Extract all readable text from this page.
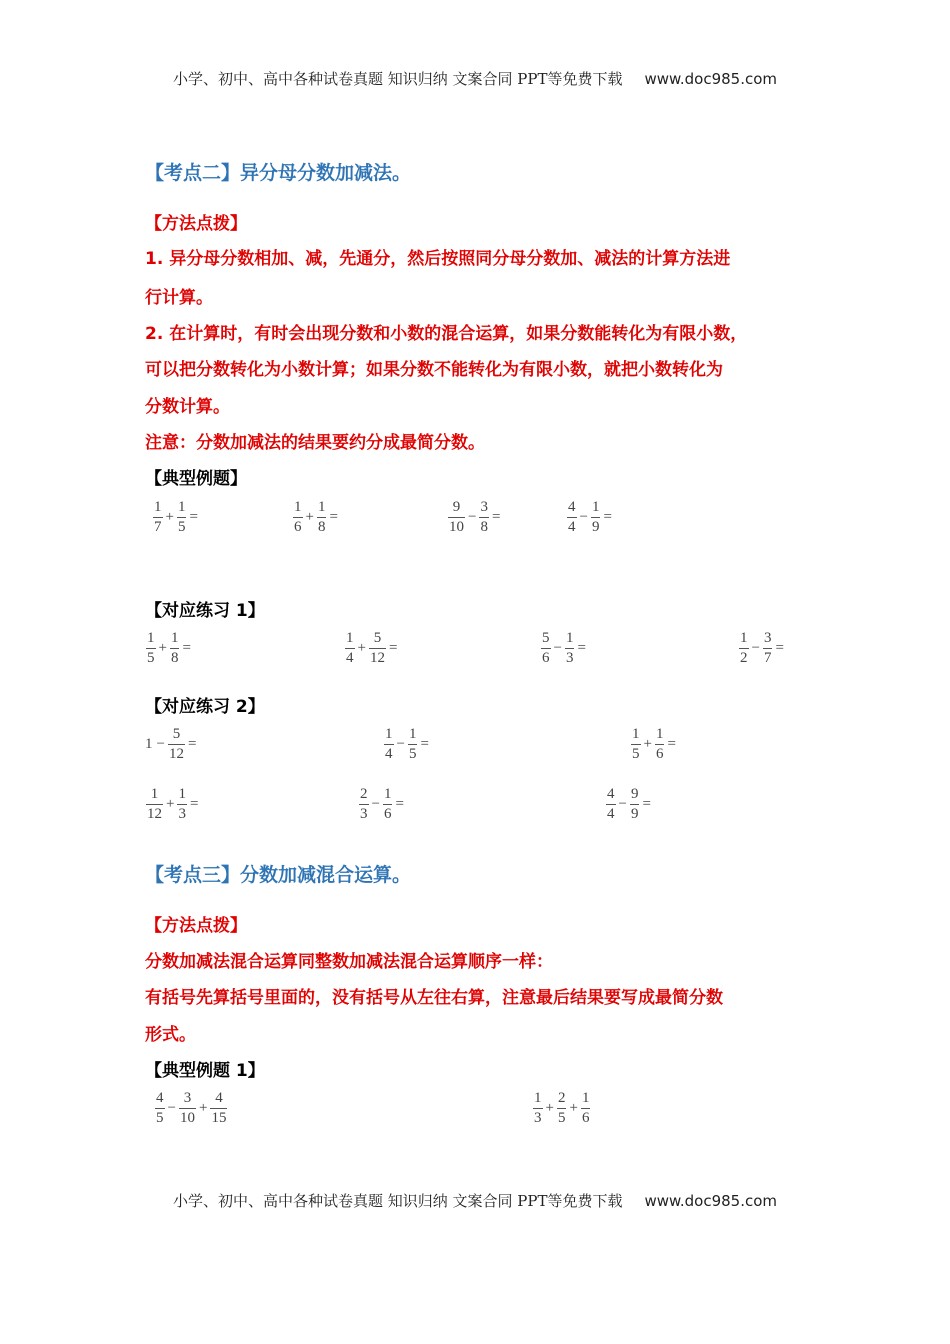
小学、初中、高中各种试卷真题 知识归纳 文案合同 PPT等免费下载 www.doc985.com
【考点二】异分母分数加减法。
【方法点拨】
1. 异分母分数相加、减，先通分，然后按照同分母分数加、减法的计算方法进
行计算。
2. 在计算时，有时会出现分数和小数的混合运算，如果分数能转化为有限小数，
可以把分数转化为小数计算；如果分数不能转化为有限小数，就把小数转化为
分数计算。
注意：分数加减法的结果要约分成最简分数。
【典型例题】
$\frac{1}{7} + \frac{1}{5}$ =	$\frac{1}{6} + \frac{1}{8}$ =	$\frac{9}{10} - \frac{3}{8}$ =	$\frac{4}{4} - \frac{1}{9}$ =
【对应练习 1】
$\frac{1}{5} + \frac{1}{8}$ =	$\frac{1}{4} + \frac{5}{12}$ =	$\frac{5}{6} - \frac{1}{3}$ =	$\frac{1}{2} - \frac{3}{7}$ =
【对应练习 2】
$1 - \frac{5}{12}$ =	$\frac{1}{4} - \frac{1}{5}$ =	$\frac{1}{5} + \frac{1}{6}$ =
$\frac{1}{12} + \frac{1}{3}$ =	$\frac{2}{3} - \frac{1}{6}$ =	$\frac{4}{4} - \frac{9}{9}$ =
【考点三】分数加减混合运算。
【方法点拨】
分数加减法混合运算同整数加减法混合运算顺序一样：
有括号先算括号里面的，没有括号从左往右算，注意最后结果要写成最简分数
形式。
【典型例题 1】
$\frac{4}{5} - \frac{3}{10} + \frac{4}{15}$	$\frac{1}{3} + \frac{2}{5} + \frac{1}{6}$
小学、初中、高中各种试卷真题 知识归纳 文案合同 PPT等免费下载 www.doc985.com
